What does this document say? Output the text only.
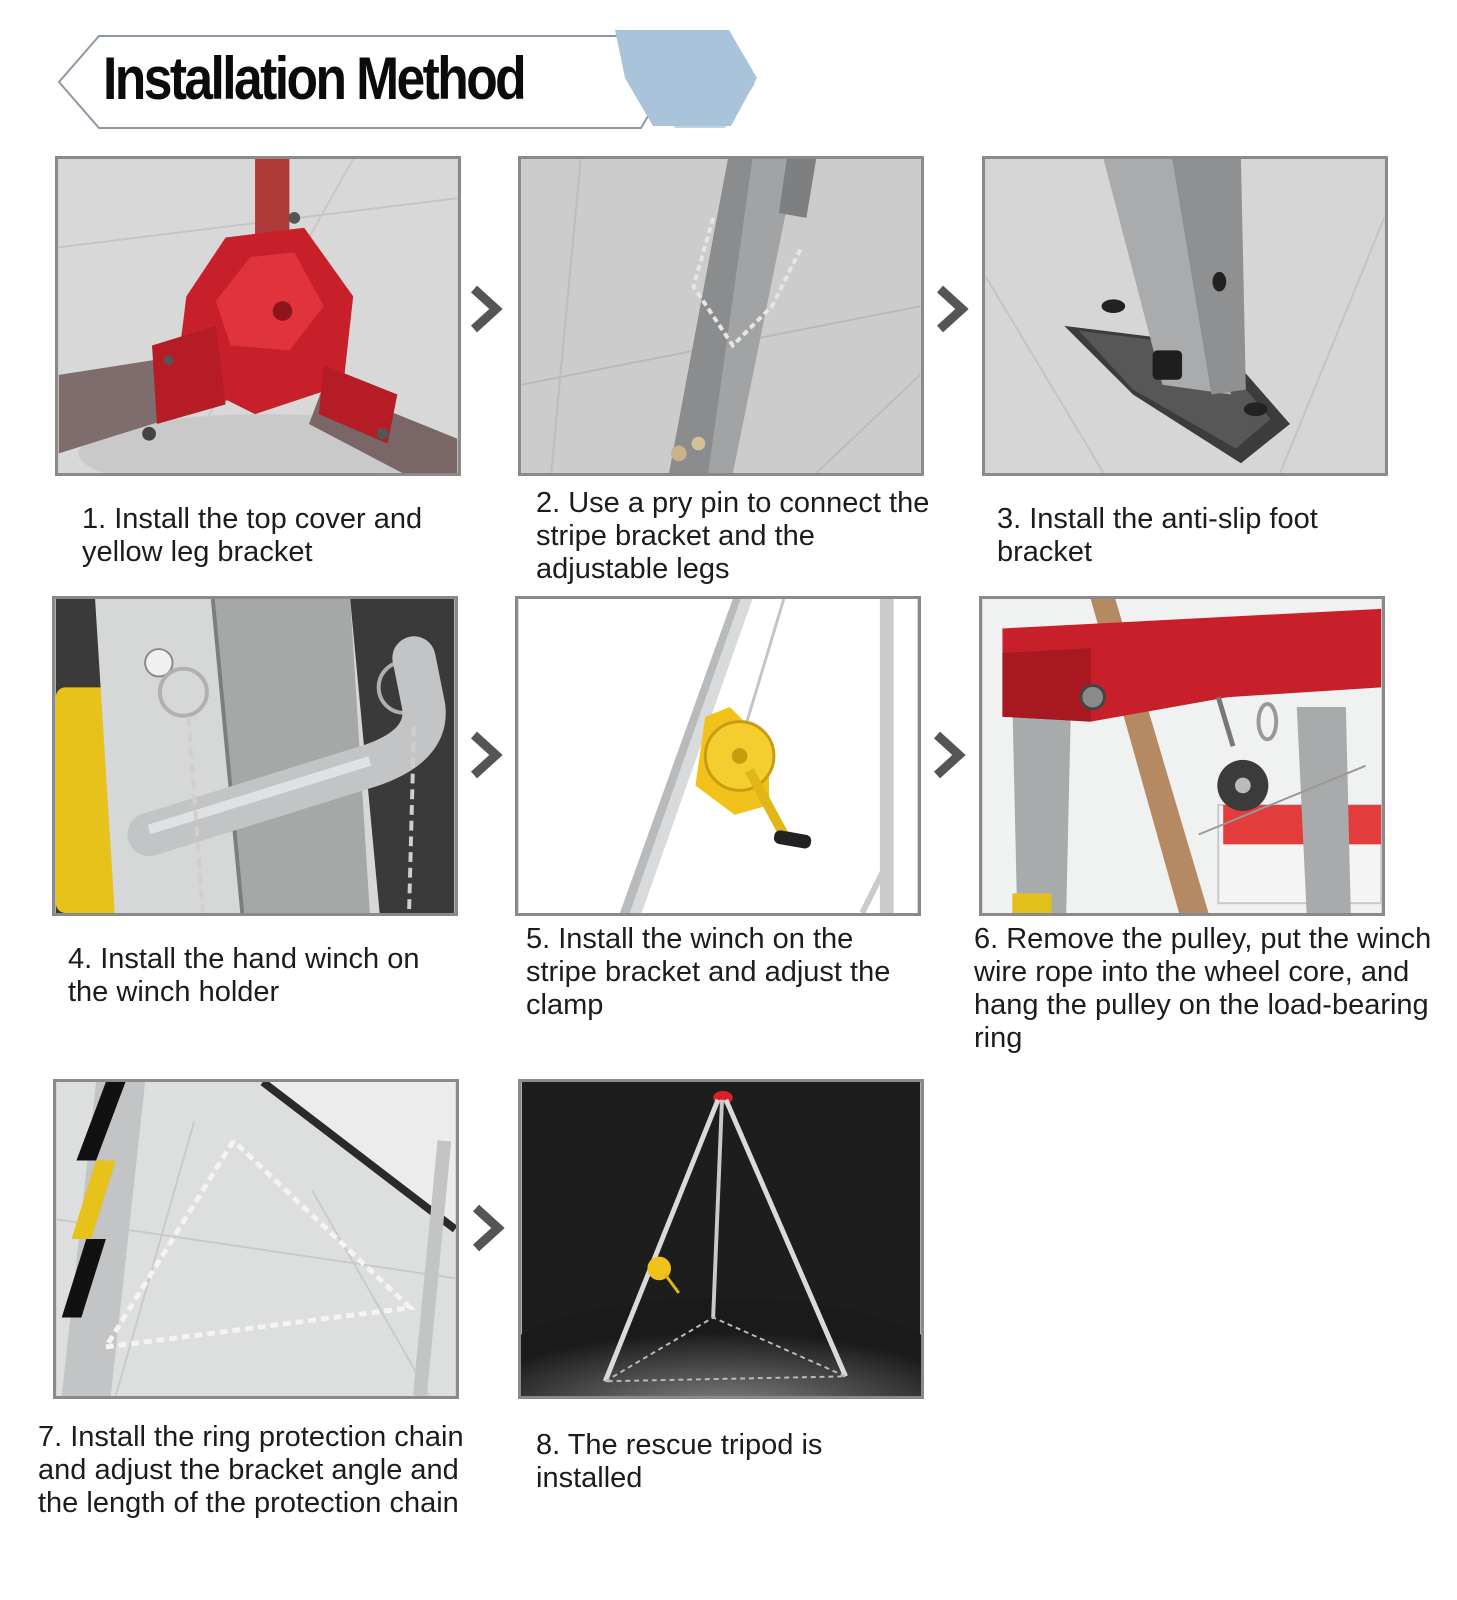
Installation Method
1. Install the top cover and yellow leg bracket
2. Use a pry pin to connect the stripe bracket and the adjustable legs
3. Install the anti-slip foot bracket
4. Install the hand winch on the winch holder
5. Install the winch on the stripe bracket and adjust the clamp
6. Remove the pulley, put the winch wire rope into the wheel core, and hang the pulley on the load-bearing ring
7. Install the ring protection chain and adjust the bracket angle and the length of the protection chain
8. The rescue tripod is installed
